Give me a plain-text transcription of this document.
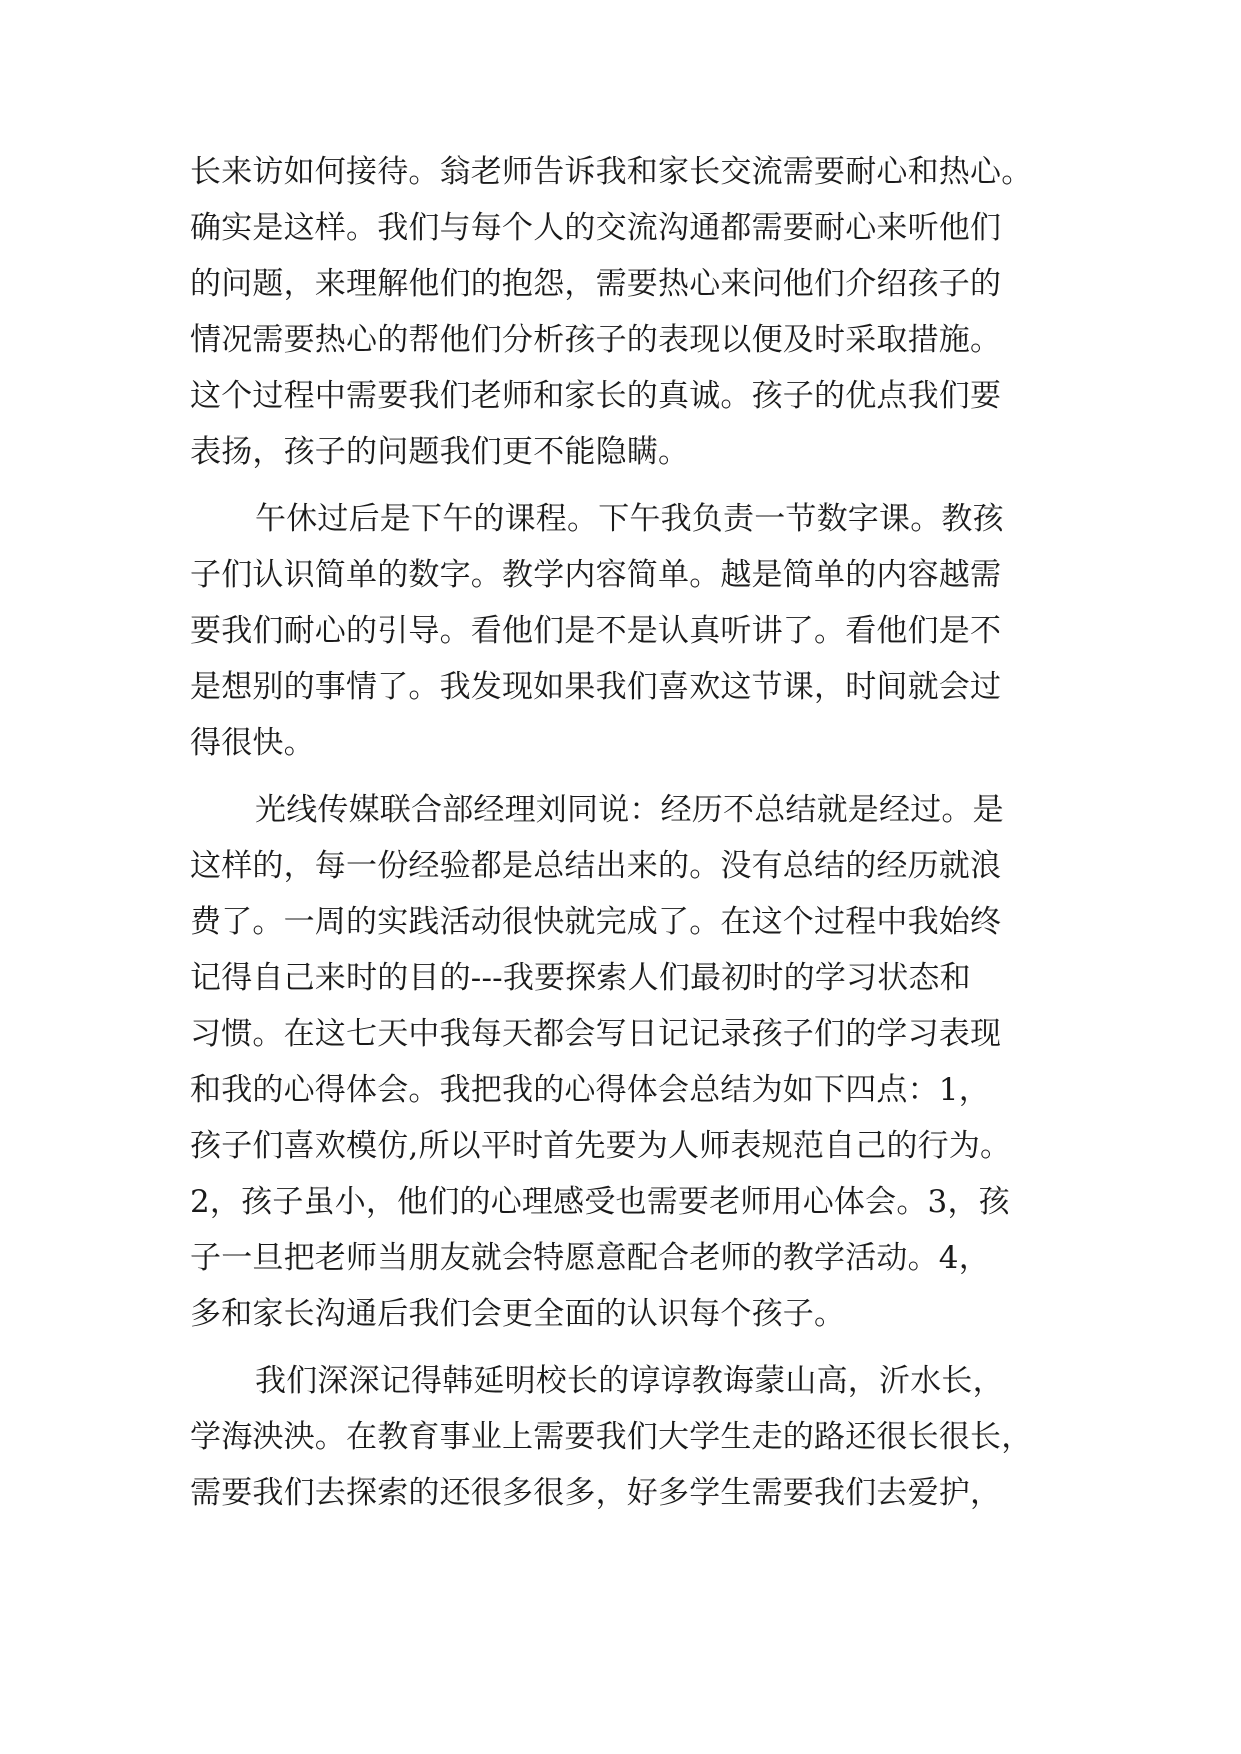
长来访如何接待。翁老师告诉我和家长交流需要耐心和热心。

确实是这样。我们与每个人的交流沟通都需要耐心来听他们

的问题，来理解他们的抱怨，需要热心来问他们介绍孩子的

情况需要热心的帮他们分析孩子的表现以便及时采取措施。

这个过程中需要我们老师和家长的真诚。孩子的优点我们要

表扬，孩子的问题我们更不能隐瞒。

午休过后是下午的课程。下午我负责一节数字课。教孩

子们认识简单的数字。教学内容简单。越是简单的内容越需

要我们耐心的引导。看他们是不是认真听讲了。看他们是不

是想别的事情了。我发现如果我们喜欢这节课，时间就会过

得很快。

光线传媒联合部经理刘同说：经历不总结就是经过。是

这样的，每一份经验都是总结出来的。没有总结的经历就浪

费了。一周的实践活动很快就完成了。在这个过程中我始终

记得自己来时的目的---我要探索人们最初时的学习状态和

习惯。在这七天中我每天都会写日记记录孩子们的学习表现

和我的心得体会。我把我的心得体会总结为如下四点：1，

孩子们喜欢模仿,所以平时首先要为人师表规范自己的行为。

2，孩子虽小，他们的心理感受也需要老师用心体会。3，孩

子一旦把老师当朋友就会特愿意配合老师的教学活动。4，

多和家长沟通后我们会更全面的认识每个孩子。

我们深深记得韩延明校长的谆谆教诲蒙山高，沂水长，

学海泱泱。在教育事业上需要我们大学生走的路还很长很长，

需要我们去探索的还很多很多，好多学生需要我们去爱护，
